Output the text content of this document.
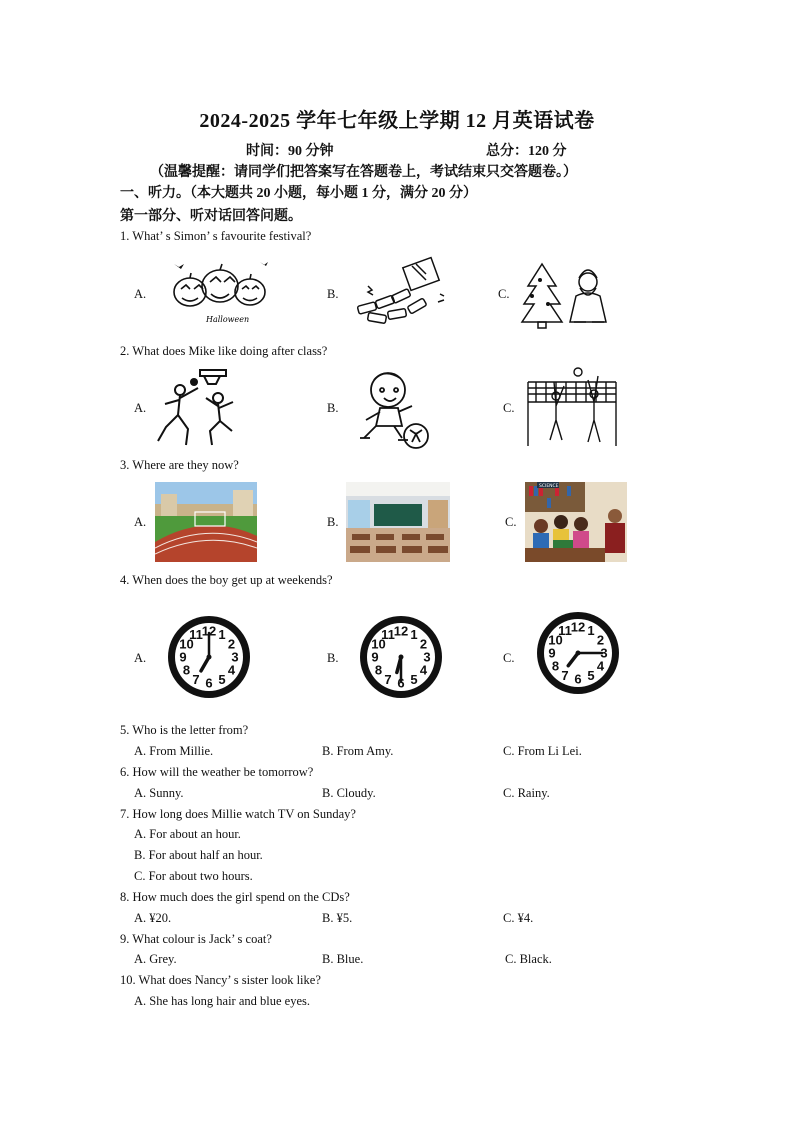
2024-2025 学年七年级上学期 12 月英语试卷
时间：90 分钟	总分：120 分
（温馨提醒：请同学们把答案写在答题卷上，考试结束只交答题卷。）
一、听力。（本大题共 20 小题，每小题 1 分，满分 20 分）
第一部分、听对话回答问题。
1. What’ s Simon’ s favourite festival?
A.	B.	C.
Halloween
2. What does Mike like doing after class?
A.	B.	C.
3. Where are they now?
A.	B.	C.
SCIENCE
4. When does the boy get up at weekends?
A.	B.	C.
12 1
2
3
4
5
6
7
8
9
10
11	12 1
2
3
4
5
6
7
8
9
10
11	12 1
2
3
4
5
6
7
8
9
10
11
5. Who is the letter from?
A. From Millie.	B. From Amy.	C. From Li Lei.
6. How will the weather be tomorrow?
A. Sunny.	B. Cloudy.	C. Rainy.
7. How long does Millie watch TV on Sunday?
A. For about an hour.
B. For about half an hour.
C. For about two hours.
8. How much does the girl spend on the CDs?
A. ¥20.	B. ¥5.	C. ¥4.
9. What colour is Jack’ s coat?
A. Grey.	B. Blue.	C. Black.
10. What does Nancy’ s sister look like?
A. She has long hair and blue eyes.
